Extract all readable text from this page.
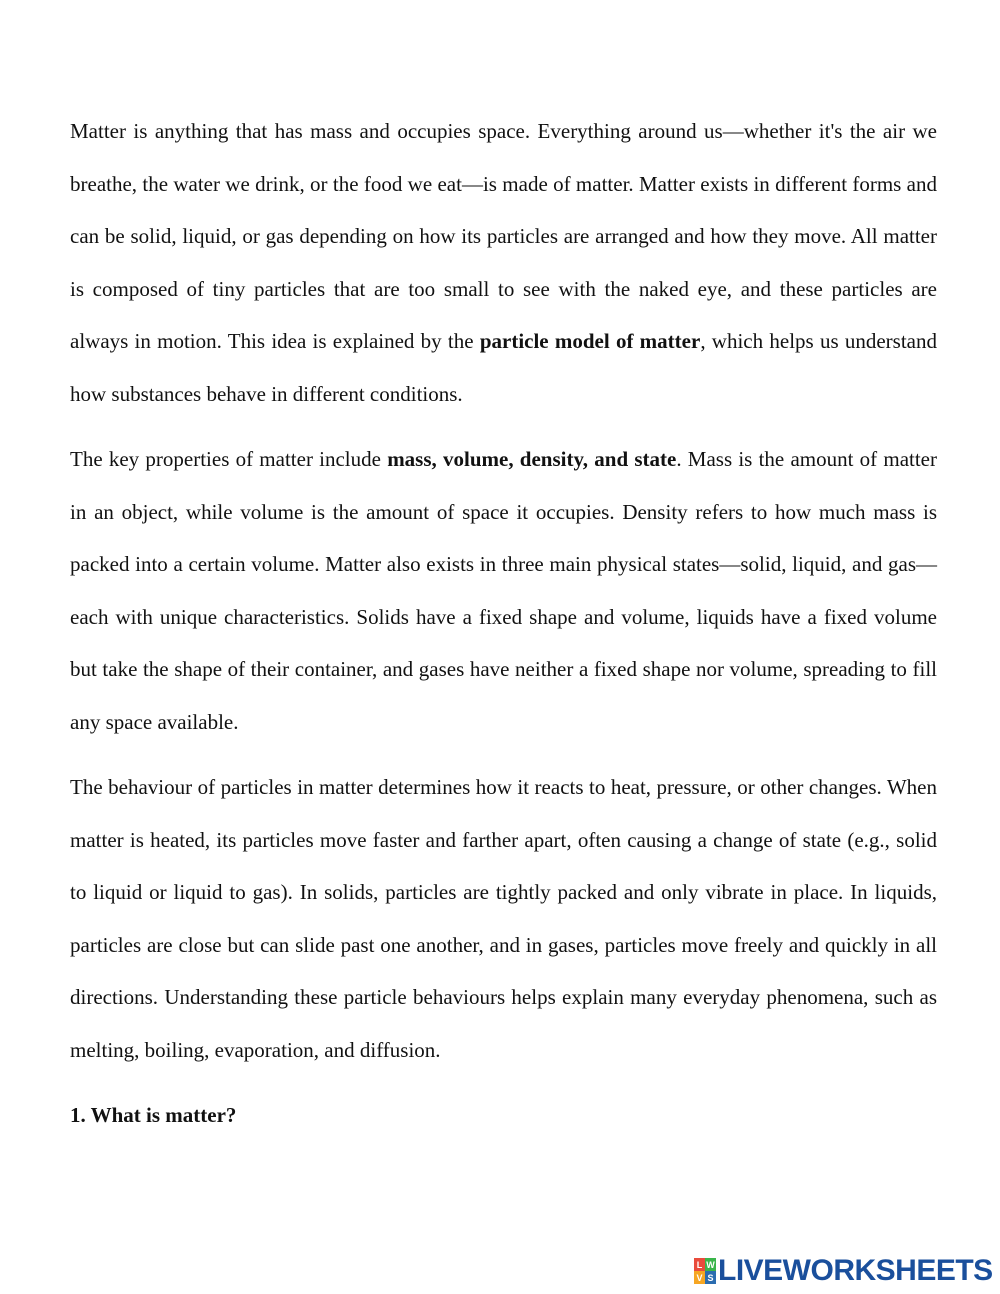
Matter is anything that has mass and occupies space. Everything around us—whether it's the air we breathe, the water we drink, or the food we eat—is made of matter. Matter exists in different forms and can be solid, liquid, or gas depending on how its particles are arranged and how they move. All matter is composed of tiny particles that are too small to see with the naked eye, and these particles are always in motion. This idea is explained by the particle model of matter, which helps us understand how substances behave in different conditions.

The key properties of matter include mass, volume, density, and state. Mass is the amount of matter in an object, while volume is the amount of space it occupies. Density refers to how much mass is packed into a certain volume. Matter also exists in three main physical states—solid, liquid, and gas—each with unique characteristics. Solids have a fixed shape and volume, liquids have a fixed volume but take the shape of their container, and gases have neither a fixed shape nor volume, spreading to fill any space available.

The behaviour of particles in matter determines how it reacts to heat, pressure, or other changes. When matter is heated, its particles move faster and farther apart, often causing a change of state (e.g., solid to liquid or liquid to gas). In solids, particles are tightly packed and only vibrate in place. In liquids, particles are close but can slide past one another, and in gases, particles move freely and quickly in all directions. Understanding these particle behaviours helps explain many everyday phenomena, such as melting, boiling, evaporation, and diffusion.

1. What is matter?

L W
V S LIVEWORKSHEETS
